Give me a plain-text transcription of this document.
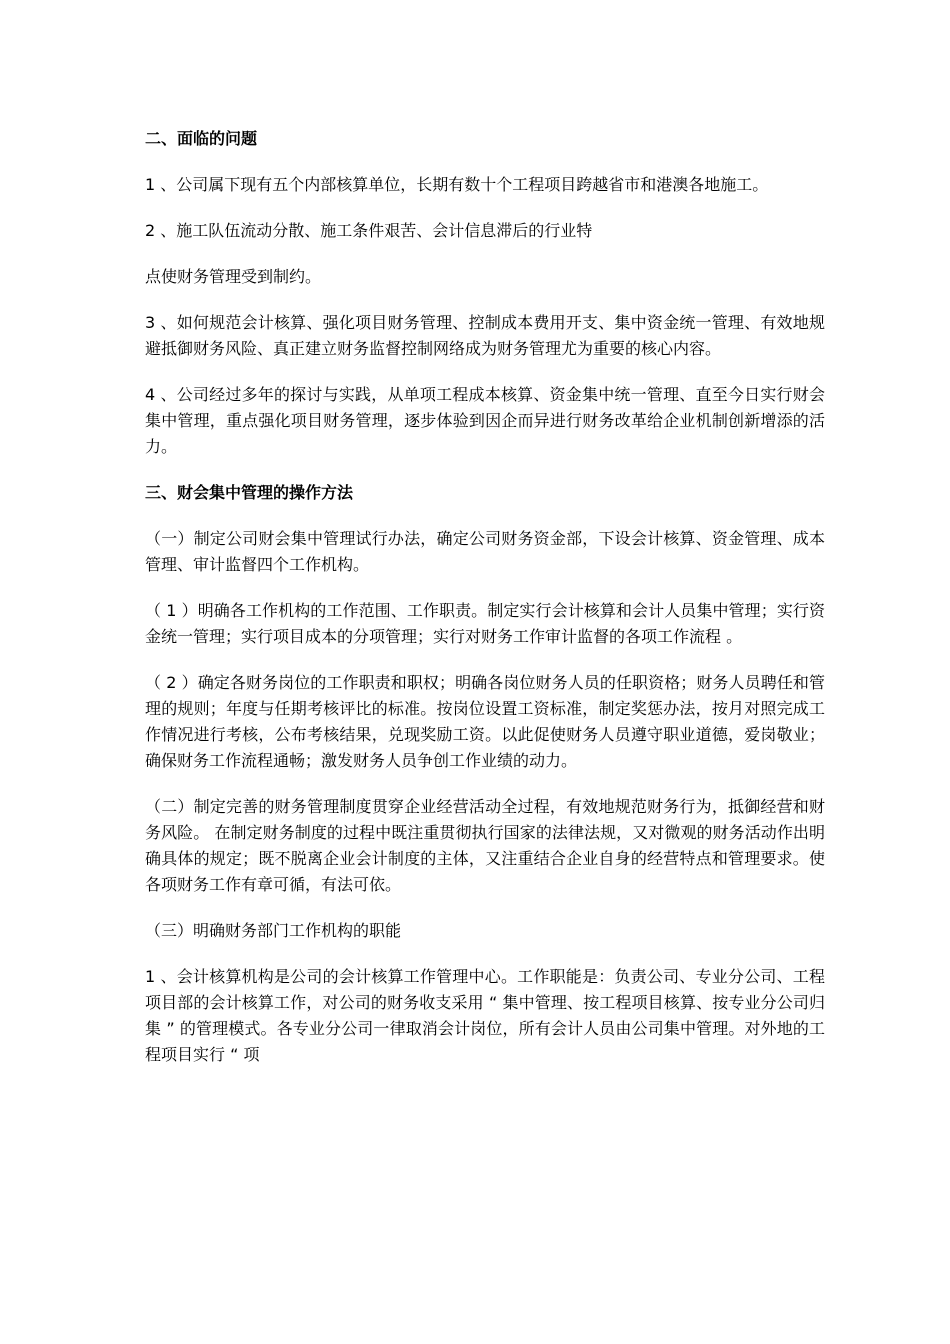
二、面临的问题

1 、公司属下现有五个内部核算单位，长期有数十个工程项目跨越省市和港澳各地施工。

2 、施工队伍流动分散、施工条件艰苦、会计信息滞后的行业特

点使财务管理受到制约。

3 、如何规范会计核算、强化项目财务管理、控制成本费用开支、集中资金统一管理、有效地规避抵御财务风险、真正建立财务监督控制网络成为财务管理尤为重要的核心内容。

4 、公司经过多年的探讨与实践，从单项工程成本核算、资金集中统一管理、直至今日实行财会集中管理，重点强化项目财务管理，逐步体验到因企而异进行财务改革给企业机制创新增添的活力。

三、财会集中管理的操作方法

（一）制定公司财会集中管理试行办法，确定公司财务资金部，下设会计核算、资金管理、成本管理、审计监督四个工作机构。

（ 1 ）明确各工作机构的工作范围、工作职责。制定实行会计核算和会计人员集中管理；实行资金统一管理；实行项目成本的分项管理；实行对财务工作审计监督的各项工作流程 。

（ 2 ）确定各财务岗位的工作职责和职权；明确各岗位财务人员的任职资格；财务人员聘任和管理的规则；年度与任期考核评比的标准。按岗位设置工资标准，制定奖惩办法，按月对照完成工作情况进行考核，公布考核结果，兑现奖励工资。以此促使财务人员遵守职业道德，爱岗敬业；确保财务工作流程通畅；激发财务人员争创工作业绩的动力。

（二）制定完善的财务管理制度贯穿企业经营活动全过程，有效地规范财务行为，抵御经营和财务风险。 在制定财务制度的过程中既注重贯彻执行国家的法律法规，又对微观的财务活动作出明确具体的规定；既不脱离企业会计制度的主体，又注重结合企业自身的经营特点和管理要求。使各项财务工作有章可循，有法可依。

（三）明确财务部门工作机构的职能

1 、会计核算机构是公司的会计核算工作管理中心。工作职能是：负责公司、专业分公司、工程项目部的会计核算工作，对公司的财务收支采用 “ 集中管理、按工程项目核算、按专业分公司归集 ” 的管理模式。各专业分公司一律取消会计岗位，所有会计人员由公司集中管理。对外地的工程项目实行 “ 项
